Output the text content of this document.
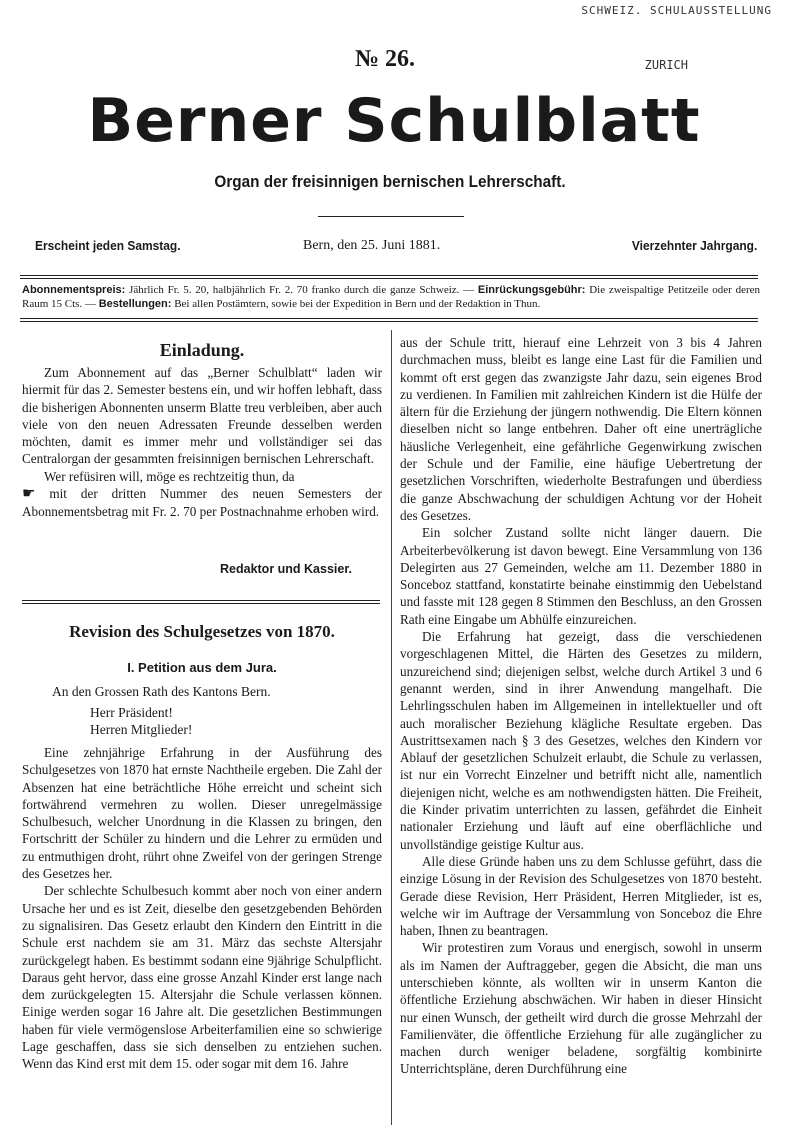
SCHWEIZ. SCHULAUSSTELLUNG
ZURICH
№ 26.
Berner Schulblatt
Organ der freisinnigen bernischen Lehrerschaft.
Erscheint jeden Samstag.	Bern, den 25. Juni 1881.	Vierzehnter Jahrgang.
Abonnementspreis: Jährlich Fr. 5. 20, halbjährlich Fr. 2. 70 franko durch die ganze Schweiz. — Einrückungsgebühr: Die zweispaltige Petitzeile oder deren Raum 15 Cts. — Bestellungen: Bei allen Postämtern, sowie bei der Expedition in Bern und der Redaktion in Thun.
Einladung.

Zum Abonnement auf das „Berner Schulblatt“ laden wir hiermit für das 2. Semester bestens ein, und wir hoffen lebhaft, dass die bisherigen Abonnenten unserm Blatte treu verbleiben, aber auch viele von den neuen Adressaten Freunde desselben werden möchten, damit es immer mehr und vollständiger sei das Centralorgan der gesammten freisinnigen bernischen Lehrerschaft.

Wer refüsiren will, möge es rechtzeitig thun, da
☛ mit der dritten Nummer des neuen Semesters der Abonnementsbetrag mit Fr. 2. 70 per Postnachnahme erhoben wird.

Redaktor und Kassier.
Revision des Schulgesetzes von 1870.
I. Petition aus dem Jura.
An den Grossen Rath des Kantons Bern.
Herr Präsident!
Herren Mitglieder!

Eine zehnjährige Erfahrung in der Ausführung des Schulgesetzes von 1870 hat ernste Nachtheile ergeben. Die Zahl der Absenzen hat eine beträchtliche Höhe erreicht und scheint sich fortwährend vermehren zu wollen. Dieser unregelmässige Schulbesuch, welcher Unordnung in die Klassen zu bringen, den Fortschritt der Schüler zu hindern und die Lehrer zu ermüden und zu entmuthigen droht, rührt ohne Zweifel von der geringen Strenge des Gesetzes her.

Der schlechte Schulbesuch kommt aber noch von einer andern Ursache her und es ist Zeit, dieselbe den gesetzgebenden Behörden zu signalisiren. Das Gesetz erlaubt den Kindern den Eintritt in die Schule erst nachdem sie am 31. März das sechste Altersjahr zurückgelegt haben. Es bestimmt sodann eine 9jährige Schulpflicht. Daraus geht hervor, dass eine grosse Anzahl Kinder erst lange nach dem zurückgelegten 15. Altersjahr die Schule verlassen können. Einige werden sogar 16 Jahre alt. Die gesetzlichen Bestimmungen haben für viele vermögenslose Arbeiterfamilien eine so schwierige Lage geschaffen, dass sie sich denselben zu entziehen suchen. Wenn das Kind erst mit dem 15. oder sogar mit dem 16. Jahre

aus der Schule tritt, hierauf eine Lehrzeit von 3 bis 4 Jahren durchmachen muss, bleibt es lange eine Last für die Familien und kommt oft erst gegen das zwanzigste Jahr dazu, sein eigenes Brod zu verdienen. In Familien mit zahlreichen Kindern ist die Hülfe der ältern für die Erziehung der jüngern nothwendig. Die Eltern können dieselben nicht so lange entbehren. Daher oft eine unerträgliche häusliche Verlegenheit, eine gefährliche Gegenwirkung zwischen der Schule und der Familie, eine häufige Uebertretung der gesetzlichen Vorschriften, wiederholte Bestrafungen und überdiess die ganze Abschwachung der schuldigen Achtung vor der Hoheit des Gesetzes.

Ein solcher Zustand sollte nicht länger dauern. Die Arbeiterbevölkerung ist davon bewegt. Eine Versammlung von 136 Delegirten aus 27 Gemeinden, welche am 11. Dezember 1880 in Sonceboz stattfand, konstatirte beinahe einstimmig den Uebelstand und fasste mit 128 gegen 8 Stimmen den Beschluss, an den Grossen Rath eine Eingabe um Abhülfe einzureichen.

Die Erfahrung hat gezeigt, dass die verschiedenen vorgeschlagenen Mittel, die Härten des Gesetzes zu mildern, unzureichend sind; diejenigen selbst, welche durch Artikel 3 und 6 genannt werden, sind in ihrer Anwendung mangelhaft. Die Lehrlingsschulen haben im Allgemeinen in intellektueller und oft auch moralischer Beziehung klägliche Resultate ergeben. Das Austrittsexamen nach § 3 des Gesetzes, welches den Kindern vor Ablauf der gesetzlichen Schulzeit erlaubt, die Schule zu verlassen, ist nur ein Vorrecht Einzelner und betrifft nicht alle, namentlich diejenigen nicht, welche es am nothwendigsten hätten. Die Freiheit, die Kinder privatim unterrichten zu lassen, gefährdet die Einheit nationaler Erziehung und läuft auf eine oberflächliche und unvollständige geistige Kultur aus.

Alle diese Gründe haben uns zu dem Schlusse geführt, dass die einzige Lösung in der Revision des Schulgesetzes von 1870 besteht. Gerade diese Revision, Herr Präsident, Herren Mitglieder, ist es, welche wir im Auftrage der Versammlung von Sonceboz die Ehre haben, Ihnen zu beantragen.

Wir protestiren zum Voraus und energisch, sowohl in unserm als im Namen der Auftraggeber, gegen die Absicht, die man uns unterschieben könnte, als wollten wir in unserm Kanton die öffentliche Erziehung abschwächen. Wir haben in dieser Hinsicht nur einen Wunsch, der getheilt wird durch die grosse Mehrzahl der Familienväter, die öffentliche Erziehung für alle zugänglicher zu machen durch weniger beladene, sorgfältig kombinirte Unterrichtspläne, deren Durchführung eine
